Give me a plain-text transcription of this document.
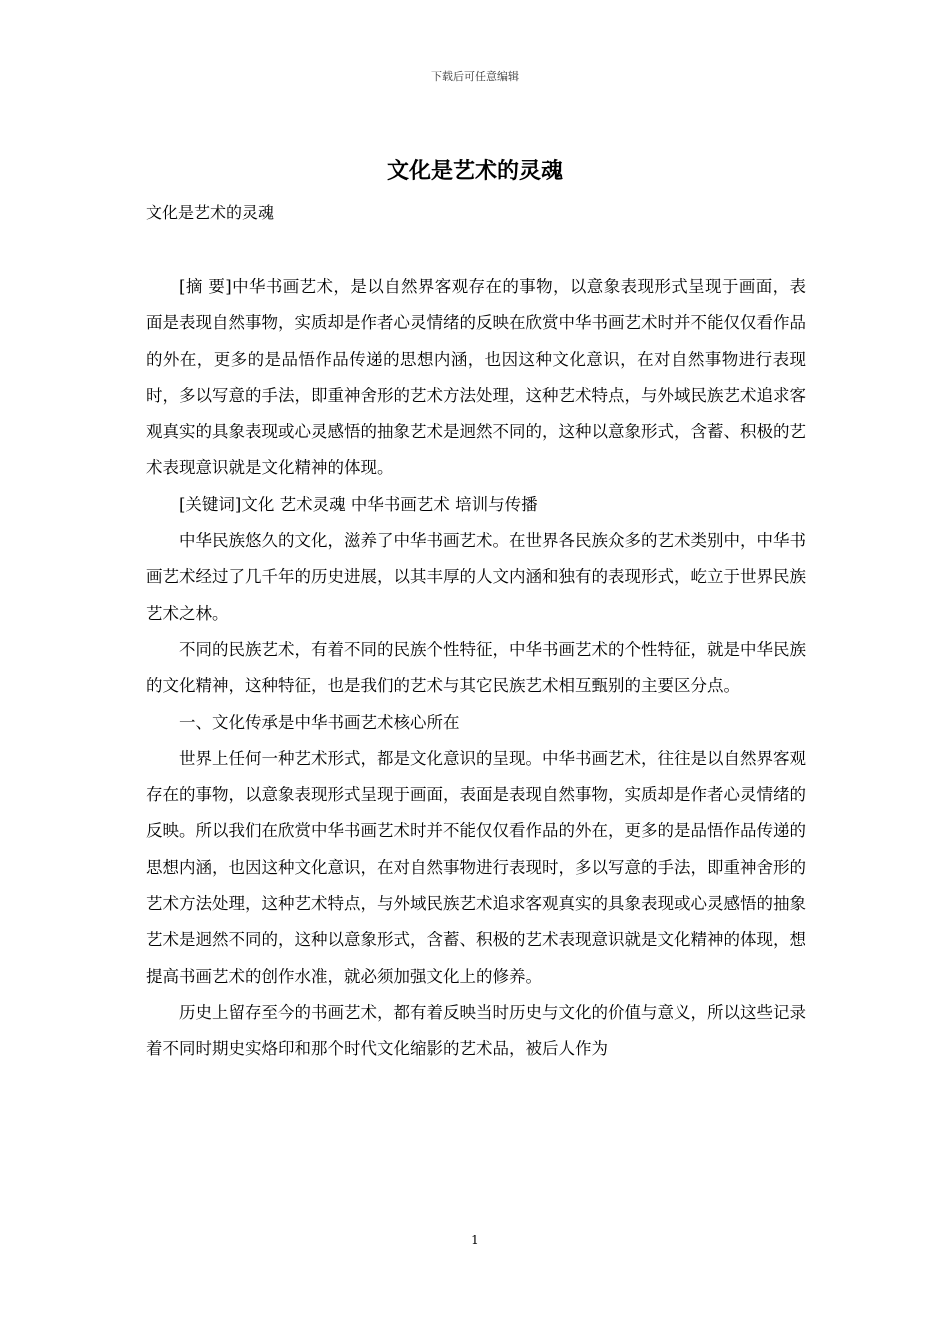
下载后可任意编辑
文化是艺术的灵魂

文化是艺术的灵魂

[摘 要]中华书画艺术，是以自然界客观存在的事物，以意象表现形式呈现于画面，表面是表现自然事物，实质却是作者心灵情绪的反映在欣赏中华书画艺术时并不能仅仅看作品的外在，更多的是品悟作品传递的思想内涵，也因这种文化意识，在对自然事物进行表现时，多以写意的手法，即重神舍形的艺术方法处理，这种艺术特点，与外域民族艺术追求客观真实的具象表现或心灵感悟的抽象艺术是迥然不同的，这种以意象形式，含蓄、积极的艺术表现意识就是文化精神的体现。

[关键词]文化 艺术灵魂 中华书画艺术 培训与传播

中华民族悠久的文化，滋养了中华书画艺术。在世界各民族众多的艺术类别中，中华书画艺术经过了几千年的历史进展，以其丰厚的人文内涵和独有的表现形式，屹立于世界民族艺术之林。

不同的民族艺术，有着不同的民族个性特征，中华书画艺术的个性特征，就是中华民族的文化精神，这种特征，也是我们的艺术与其它民族艺术相互甄别的主要区分点。

一、文化传承是中华书画艺术核心所在

世界上任何一种艺术形式，都是文化意识的呈现。中华书画艺术，往往是以自然界客观存在的事物，以意象表现形式呈现于画面，表面是表现自然事物，实质却是作者心灵情绪的反映。所以我们在欣赏中华书画艺术时并不能仅仅看作品的外在，更多的是品悟作品传递的思想内涵，也因这种文化意识，在对自然事物进行表现时，多以写意的手法，即重神舍形的艺术方法处理，这种艺术特点，与外域民族艺术追求客观真实的具象表现或心灵感悟的抽象艺术是迥然不同的，这种以意象形式，含蓄、积极的艺术表现意识就是文化精神的体现，想提高书画艺术的创作水准，就必须加强文化上的修养。

历史上留存至今的书画艺术，都有着反映当时历史与文化的价值与意义，所以这些记录着不同时期史实烙印和那个时代文化缩影的艺术品，被后人作为

1
